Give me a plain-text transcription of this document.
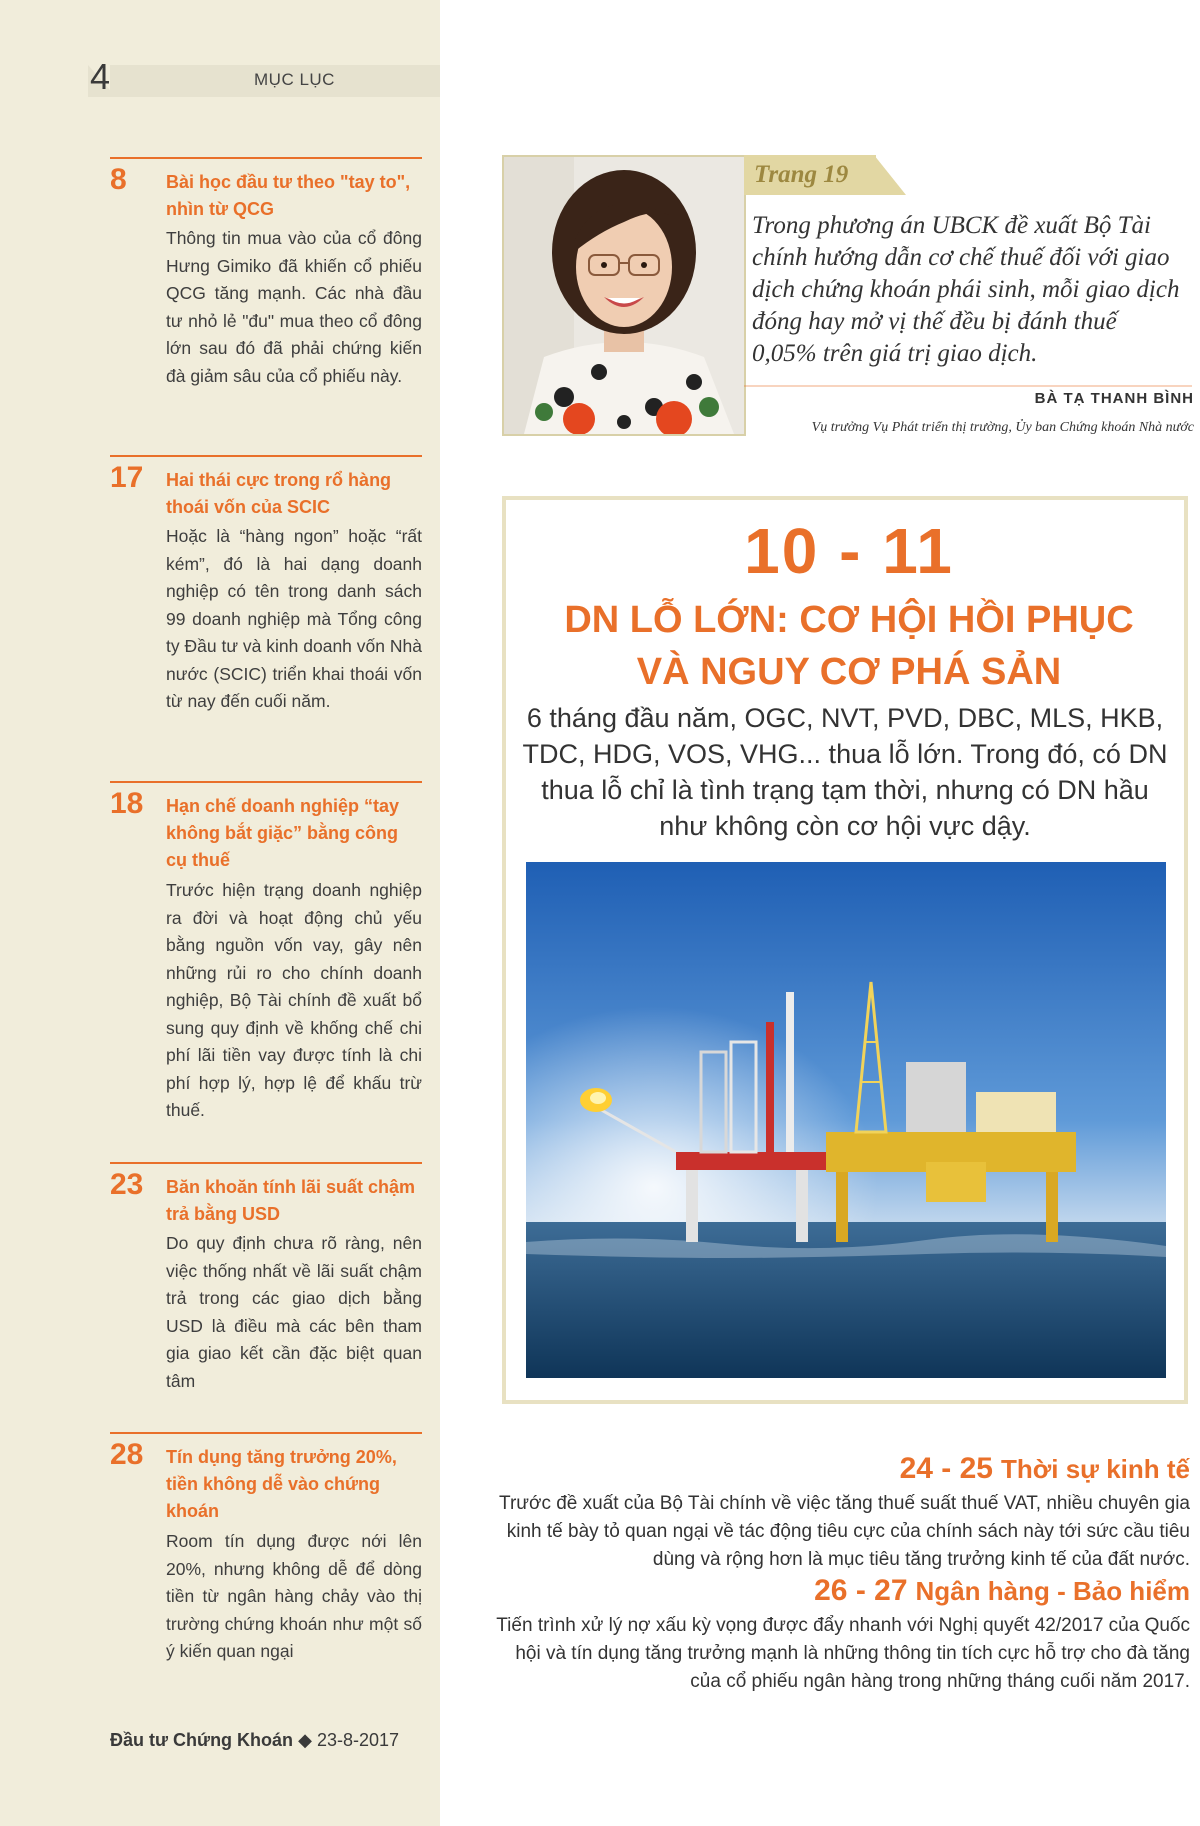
4	MỤC LỤC
8 Bài học đầu tư theo "tay to", nhìn từ QCG
Thông tin mua vào của cổ đông Hưng Gimiko đã khiến cổ phiếu QCG tăng mạnh. Các nhà đầu tư nhỏ lẻ "đu" mua theo cổ đông lớn sau đó đã phải chứng kiến đà giảm sâu của cổ phiếu này.
17 Hai thái cực trong rổ hàng thoái vốn của SCIC
Hoặc là “hàng ngon” hoặc “rất kém”, đó là hai dạng doanh nghiệp có tên trong danh sách 99 doanh nghiệp mà Tổng công ty Đầu tư và kinh doanh vốn Nhà nước (SCIC) triển khai thoái vốn từ nay đến cuối năm.
18 Hạn chế doanh nghiệp “tay không bắt giặc” bằng công cụ thuế
Trước hiện trạng doanh nghiệp ra đời và hoạt động chủ yếu bằng nguồn vốn vay, gây nên những rủi ro cho chính doanh nghiệp, Bộ Tài chính đề xuất bổ sung quy định về khống chế chi phí lãi tiền vay được tính là chi phí hợp lý, hợp lệ để khấu trừ thuế.
23 Băn khoăn tính lãi suất chậm trả bằng USD
Do quy định chưa rõ ràng, nên việc thống nhất về lãi suất chậm trả trong các giao dịch bằng USD là điều mà các bên tham gia giao kết cần đặc biệt quan tâm
28 Tín dụng tăng trưởng 20%, tiền không dễ vào chứng khoán
Room tín dụng được nới lên 20%, nhưng không dễ để dòng tiền từ ngân hàng chảy vào thị trường chứng khoán như một số ý kiến quan ngại
Đầu tư Chứng Khoán ◆ 23-8-2017
Trang 19
Trong phương án UBCK đề xuất Bộ Tài chính hướng dẫn cơ chế thuế đối với giao dịch chứng khoán phái sinh, mỗi giao dịch đóng hay mở vị thế đều bị đánh thuế 0,05% trên giá trị giao dịch.
BÀ TẠ THANH BÌNH
Vụ trưởng Vụ Phát triển thị trường, Ủy ban Chứng khoán Nhà nước
10 - 11
DN LỖ LỚN: CƠ HỘI HỒI PHỤC
VÀ NGUY CƠ PHÁ SẢN
6 tháng đầu năm, OGC, NVT, PVD, DBC, MLS, HKB, TDC, HDG, VOS, VHG... thua lỗ lớn. Trong đó, có DN thua lỗ chỉ là tình trạng tạm thời, nhưng có DN hầu như không còn cơ hội vực dậy.
24 - 25 Thời sự kinh tế
Trước đề xuất của Bộ Tài chính về việc tăng thuế suất thuế VAT, nhiều chuyên gia kinh tế bày tỏ quan ngại về tác động tiêu cực của chính sách này tới sức cầu tiêu dùng và rộng hơn là mục tiêu tăng trưởng kinh tế của đất nước.
26 - 27 Ngân hàng - Bảo hiểm
Tiến trình xử lý nợ xấu kỳ vọng được đẩy nhanh với Nghị quyết 42/2017 của Quốc hội và tín dụng tăng trưởng mạnh là những thông tin tích cực hỗ trợ cho đà tăng của cổ phiếu ngân hàng trong những tháng cuối năm 2017.
